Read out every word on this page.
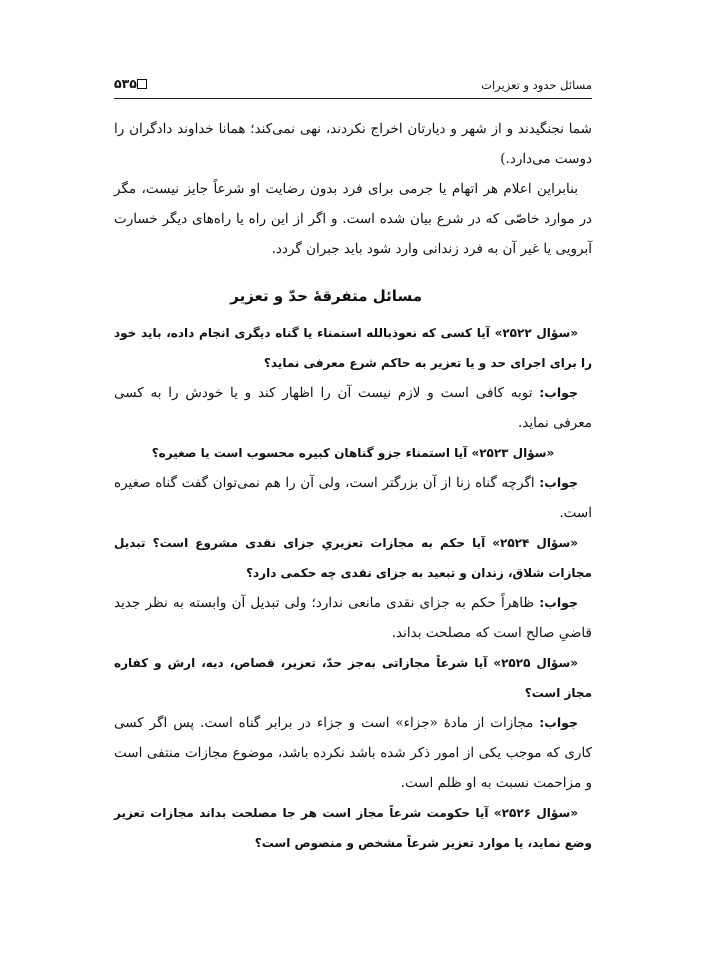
مسائل حدود و تعزیرات
۵۳۵

شما نجنگیدند و از شهر و دیارتان اخراج نکردند، نهی نمی‌کند؛ همانا خداوند دادگران را دوست می‌دارد.)

بنابراین اعلام هر اتهام یا جرمی برای فرد بدون رضایت او شرعاً جایز نیست، مگر در موارد خاصّی که در شرع بیان شده است. و اگر از این راه یا راه‌های دیگر خسارت آبرویی یا غیر آن به فرد زندانی وارد شود باید جبران گردد.

مسائل متفرقۀ حدّ و تعزیر

«سؤال ۲۵۲۲» آیا کسی که نعوذبالله استمناء یا گناه دیگری انجام داده، باید خود را برای اجرای حد و یا تعزیر به حاکم شرع معرفی نماید؟

جواب: توبه کافی است و لازم نیست آن را اظهار کند و یا خودش را به کسی معرفی نماید.

«سؤال ۲۵۲۳» آیا استمناء جزو گناهان کبیره محسوب است یا صغیره؟

جواب: اگرچه گناه زنا از آن بزرگتر است، ولی آن را هم نمی‌توان گفت گناه صغیره است.

«سؤال ۲۵۲۴» آیا حکم به مجازات تعزیریِ جزای نقدی مشروع است؟ تبدیل مجازات شلاق، زندان و تبعید به جزای نقدی چه حکمی دارد؟

جواب: ظاهراً حکم به جزای نقدی مانعی ندارد؛ ولی تبدیل آن وابسته به نظر جدید قاضیِ صالح است که مصلحت بداند.

«سؤال ۲۵۲۵» آیا شرعاً مجازاتی به‌جز حدّ، تعزیر، قصاص، دیه، ارش و کفاره مجاز است؟

جواب: مجازات از مادۀ «جزاء» است و جزاء در برابر گناه است. پس اگر کسی کاری که موجب یکی از امور ذکر شده باشد نکرده باشد، موضوع مجازات منتفی است و مزاحمت نسبت به او ظلم است.

«سؤال ۲۵۲۶» آیا حکومت شرعاً مجاز است هر جا مصلحت بداند مجازات تعزیر وضع نماید، یا موارد تعزیر شرعاً مشخص و منصوص است؟
